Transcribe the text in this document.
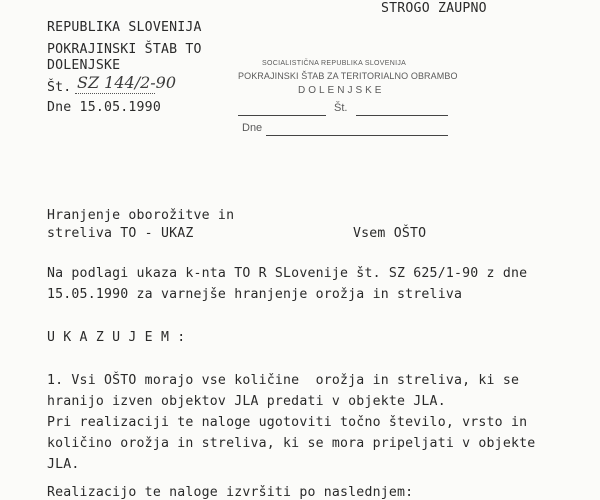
STROGO ZAUPNO
REPUBLIKA SLOVENIJA
POKRAJINSKI ŠTAB TO
DOLENJSKE
Št. SZ 144/2-90
Dne 15.05.1990
SOCIALISTIČNA REPUBLIKA SLOVENIJA
POKRAJINSKI ŠTAB ZA TERITORIALNO OBRAMBO
DOLENJSKE
Št.
Dne
Hranjenje oborožitve in
streliva TO - UKAZ	Vsem OŠTO
Na podlagi ukaza k-nta TO R SLovenije št. SZ 625/1-90 z dne
15.05.1990 za varnejše hranjenje orožja in streliva
U K A Z U J E M :
1. Vsi OŠTO morajo vse količine  orožja in streliva, ki se
hranijo izven objektov JLA predati v objekte JLA.
Pri realizaciji te naloge ugotoviti točno število, vrsto in
količino orožja in streliva, ki se mora pripeljati v objekte
JLA.
Realizacijo te naloge izvršiti po naslednjem:
